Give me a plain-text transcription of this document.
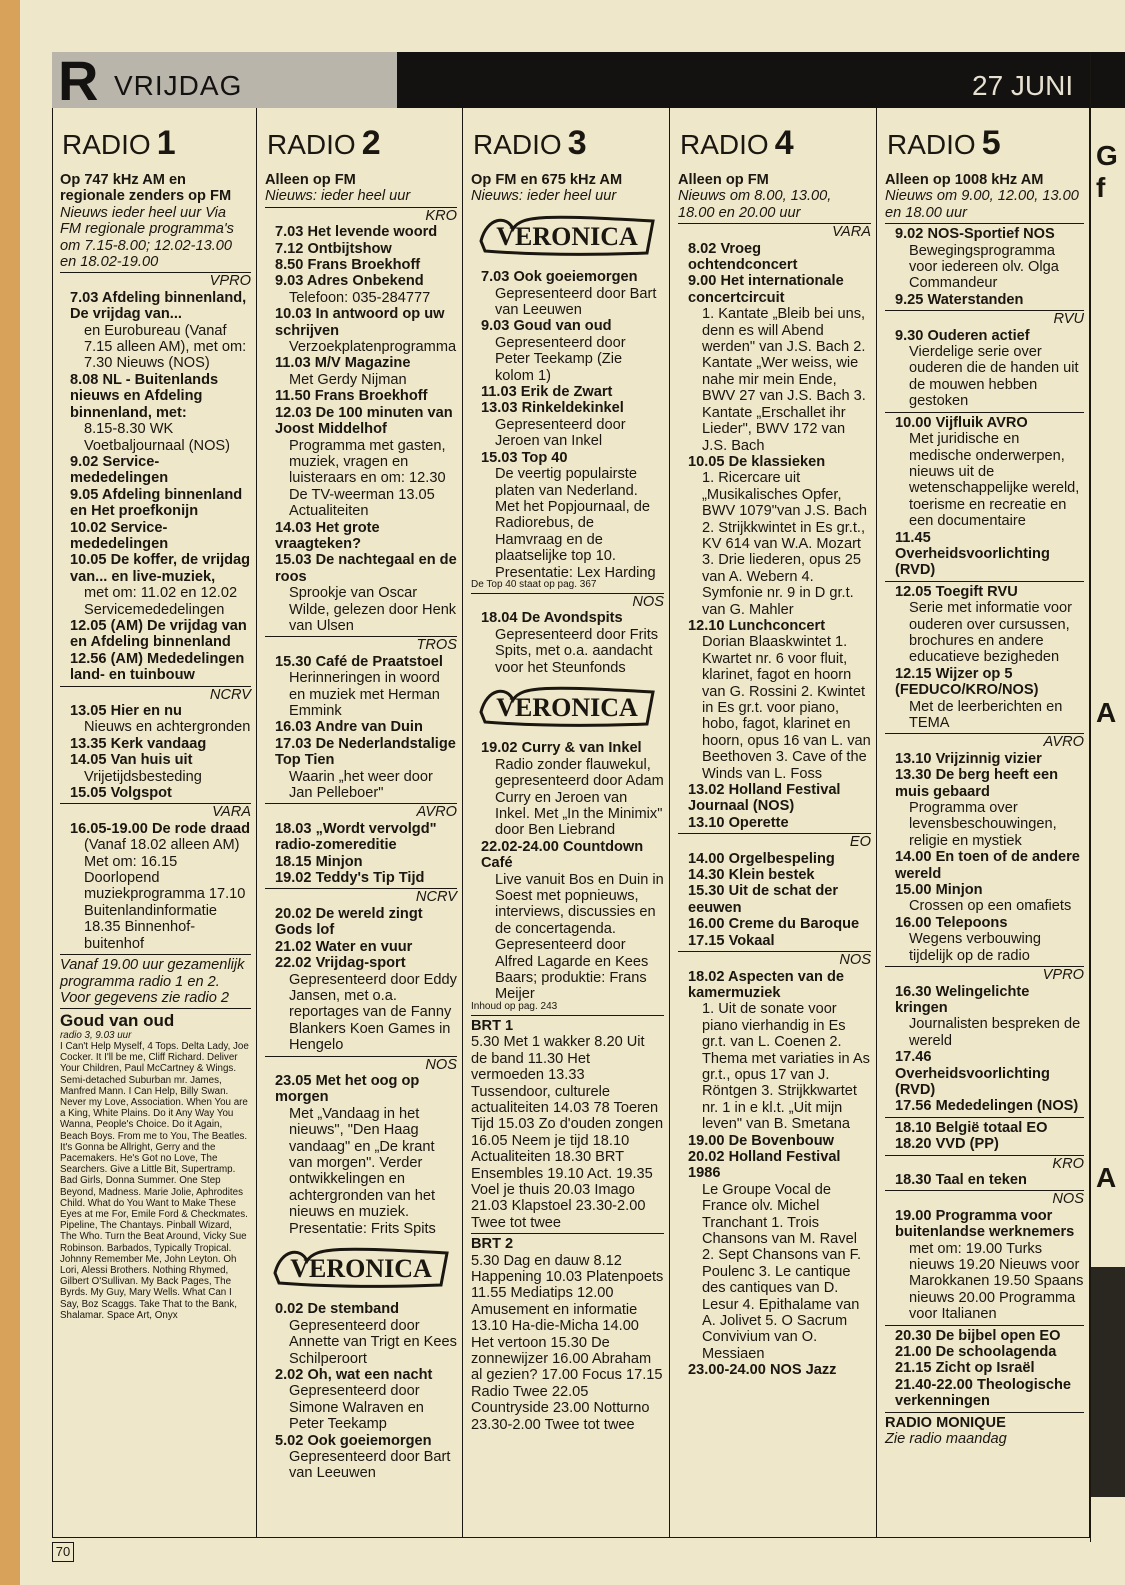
R VRIJDAG	27 JUNI
RADIO 1
Op 747 kHz AM en regionale zenders op FM
Nieuws ieder heel uur Via FM regionale programma's om 7.15-8.00; 12.02-13.00 en 18.02-19.00
VPRO
7.03 Afdeling binnenland, De vrijdag van...
en Eurobureau (Vanaf 7.15 alleen AM), met om:
7.30 Nieuws (NOS)
8.08 NL - Buitenlands nieuws en Afdeling binnenland, met:
8.15-8.30 WK Voetbaljournaal (NOS)
9.02 Service-mededelingen
9.05 Afdeling binnenland en Het proefkonijn
10.02 Service-mededelingen
10.05 De koffer, de vrijdag van... en live-muziek,
met om: 11.02 en 12.02 Servicemededelingen
12.05 (AM) De vrijdag van en Afdeling binnenland
12.56 (AM) Mededelingen land- en tuinbouw
NCRV
13.05 Hier en nu
Nieuws en achtergronden
13.35 Kerk vandaag
14.05 Van huis uit
Vrijetijdsbesteding
15.05 Volgspot
VARA
16.05-19.00 De rode draad
(Vanaf 18.02 alleen AM) Met om: 16.15 Doorlopend muziekprogramma 17.10 Buitenlandinformatie 18.35 Binnenhof-buitenhof
Vanaf 19.00 uur gezamenlijk programma radio 1 en 2. Voor gegevens zie radio 2
Goud van oud
radio 3, 9.03 uur
I Can't Help Myself, 4 Tops. Delta Lady, Joe Cocker. It I'll be me, Cliff Richard. Deliver Your Children, Paul McCartney & Wings. Semi-detached Suburban mr. James, Manfred Mann. I Can Help, Billy Swan. Never my Love, Association. When You are a King, White Plains. Do it Any Way You Wanna, People's Choice. Do it Again, Beach Boys. From me to You, The Beatles. It's Gonna be Allright, Gerry and the Pacemakers. He's Got no Love, The Searchers. Give a Little Bit, Supertramp. Bad Girls, Donna Summer. One Step Beyond, Madness. Marie Jolie, Aphrodites Child. What do You Want to Make These Eyes at me For, Emile Ford & Checkmates. Pipeline, The Chantays. Pinball Wizard, The Who. Turn the Beat Around, Vicky Sue Robinson. Barbados, Typically Tropical. Johnny Remember Me, John Leyton. Oh Lori, Alessi Brothers. Nothing Rhymed, Gilbert O'Sullivan. My Back Pages, The Byrds. My Guy, Mary Wells. What Can I Say, Boz Scaggs. Take That to the Bank, Shalamar. Space Art, Onyx
RADIO 2
Alleen op FM
Nieuws: ieder heel uur
KRO
7.03 Het levende woord
7.12 Ontbijtshow
8.50 Frans Broekhoff
9.03 Adres Onbekend
Telefoon: 035-284777
10.03 In antwoord op uw schrijven
Verzoekplatenprogramma
11.03 M/V Magazine
Met Gerdy Nijman
11.50 Frans Broekhoff
12.03 De 100 minuten van Joost Middelhof
Programma met gasten, muziek, vragen en luisteraars en om: 12.30 De TV-weerman 13.05 Actualiteiten
14.03 Het grote vraagteken?
15.03 De nachtegaal en de roos
Sprookje van Oscar Wilde, gelezen door Henk van Ulsen
TROS
15.30 Café de Praatstoel
Herinneringen in woord en muziek met Herman Emmink
16.03 Andre van Duin
17.03 De Nederlandstalige Top Tien
Waarin „het weer door Jan Pelleboer"
AVRO
18.03 „Wordt vervolgd" radio-zomereditie
18.15 Minjon
19.02 Teddy's Tip Tijd
NCRV
20.02 De wereld zingt Gods lof
21.02 Water en vuur
22.02 Vrijdag-sport
Gepresenteerd door Eddy Jansen, met o.a. reportages van de Fanny Blankers Koen Games in Hengelo
NOS
23.05 Met het oog op morgen
Met „Vandaag in het nieuws", "Den Haag vandaag" en „De krant van morgen". Verder ontwikkelingen en achtergronden van het nieuws en muziek. Presentatie: Frits Spits
VERONICA
0.02 De stemband
Gepresenteerd door Annette van Trigt en Kees Schilperoort
2.02 Oh, wat een nacht
Gepresenteerd door Simone Walraven en Peter Teekamp
5.02 Ook goeiemorgen
Gepresenteerd door Bart van Leeuwen
RADIO 3
Op FM en 675 kHz AM
Nieuws: ieder heel uur
VERONICA
7.03 Ook goeiemorgen
Gepresenteerd door Bart van Leeuwen
9.03 Goud van oud
Gepresenteerd door Peter Teekamp (Zie kolom 1)
11.03 Erik de Zwart
13.03 Rinkeldekinkel
Gepresenteerd door Jeroen van Inkel
15.03 Top 40
De veertig populairste platen van Nederland. Met het Popjournaal, de Radiorebus, de Hamvraag en de plaatselijke top 10. Presentatie: Lex Harding
De Top 40 staat op pag. 367
NOS
18.04 De Avondspits
Gepresenteerd door Frits Spits, met o.a. aandacht voor het Steunfonds
VERONICA
19.02 Curry & van Inkel
Radio zonder flauwekul, gepresenteerd door Adam Curry en Jeroen van Inkel. Met „In the Minimix" door Ben Liebrand
22.02-24.00 Countdown Café
Live vanuit Bos en Duin in Soest met popnieuws, interviews, discussies en de concertagenda. Gepresenteerd door Alfred Lagarde en Kees Baars; produktie: Frans Meijer
Inhoud op pag. 243
BRT 1
5.30 Met 1 wakker 8.20 Uit de band 11.30 Het vermoeden 13.33 Tussendoor, culturele actualiteiten 14.03 78 Toeren Tijd 15.03 Zo d'ouden zongen 16.05 Neem je tijd 18.10 Actualiteiten 18.30 BRT Ensembles 19.10 Act. 19.35 Voel je thuis 20.03 Imago 21.03 Klapstoel 23.30-2.00 Twee tot twee
BRT 2
5.30 Dag en dauw 8.12 Happening 10.03 Platenpoets 11.55 Mediatips 12.00 Amusement en informatie 13.10 Ha-die-Micha 14.00 Het vertoon 15.30 De zonnewijzer 16.00 Abraham al gezien? 17.00 Focus 17.15 Radio Twee 22.05 Countryside 23.00 Notturno 23.30-2.00 Twee tot twee
RADIO 4
Alleen op FM
Nieuws om 8.00, 13.00, 18.00 en 20.00 uur
VARA
8.02 Vroeg ochtendconcert
9.00 Het internationale concertcircuit
1. Kantate „Bleib bei uns, denn es will Abend werden" van J.S. Bach 2. Kantate „Wer weiss, wie nahe mir mein Ende, BWV 27 van J.S. Bach 3. Kantate „Erschallet ihr Lieder", BWV 172 van J.S. Bach
10.05 De klassieken
1. Ricercare uit „Musikalisches Opfer, BWV 1079"van J.S. Bach 2. Strijkkwintet in Es gr.t., KV 614 van W.A. Mozart 3. Drie liederen, opus 25 van A. Webern 4. Symfonie nr. 9 in D gr.t. van G. Mahler
12.10 Lunchconcert
Dorian Blaaskwintet 1. Kwartet nr. 6 voor fluit, klarinet, fagot en hoorn van G. Rossini 2. Kwintet in Es gr.t. voor piano, hobo, fagot, klarinet en hoorn, opus 16 van L. van Beethoven 3. Cave of the Winds van L. Foss
13.02 Holland Festival Journaal (NOS)
13.10 Operette
EO
14.00 Orgelbespeling
14.30 Klein bestek
15.30 Uit de schat der eeuwen
16.00 Creme du Baroque
17.15 Vokaal
NOS
18.02 Aspecten van de kamermuziek
1. Uit de sonate voor piano vierhandig in Es gr.t. van L. Coenen 2. Thema met variaties in As gr.t., opus 17 van J. Röntgen 3. Strijkkwartet nr. 1 in e kl.t. „Uit mijn leven" van B. Smetana
19.00 De Bovenbouw
20.02 Holland Festival 1986
Le Groupe Vocal de France olv. Michel Tranchant 1. Trois Chansons van M. Ravel 2. Sept Chansons van F. Poulenc 3. Le cantique des cantiques van D. Lesur 4. Epithalame van A. Jolivet 5. O Sacrum Convivium van O. Messiaen
23.00-24.00 NOS Jazz
RADIO 5
Alleen op 1008 kHz AM
Nieuws om 9.00, 12.00, 13.00 en 18.00 uur
9.02 NOS-Sportief NOS
Bewegingsprogramma voor iedereen olv. Olga Commandeur
9.25 Waterstanden
RVU
9.30 Ouderen actief
Vierdelige serie over ouderen die de handen uit de mouwen hebben gestoken
10.00 Vijfluik AVRO
Met juridische en medische onderwerpen, nieuws uit de wetenschappelijke wereld, toerisme en recreatie en een documentaire
11.45 Overheidsvoorlichting (RVD)
12.05 Toegift RVU
Serie met informatie voor ouderen over cursussen, brochures en andere educatieve bezigheden
12.15 Wijzer op 5 (FEDUCO/KRO/NOS)
Met de leerberichten en TEMA
AVRO
13.10 Vrijzinnig vizier
13.30 De berg heeft een muis gebaard
Programma over levensbeschouwingen, religie en mystiek
14.00 En toen of de andere wereld
15.00 Minjon
Crossen op een omafiets
16.00 Telepoons
Wegens verbouwing tijdelijk op de radio
VPRO
16.30 Welingelichte kringen
Journalisten bespreken de wereld
17.46 Overheidsvoorlichting (RVD)
17.56 Mededelingen (NOS)
18.10 België totaal EO
18.20 VVD (PP)
KRO
18.30 Taal en teken
NOS
19.00 Programma voor buitenlandse werknemers
met om: 19.00 Turks nieuws 19.20 Nieuws voor Marokkanen 19.50 Spaans nieuws 20.00 Programma voor Italianen
20.30 De bijbel open EO
21.00 De schoolagenda
21.15 Zicht op Israël
21.40-22.00 Theologische verkenningen
RADIO MONIQUE
Zie radio maandag
70
G
f
A
A
